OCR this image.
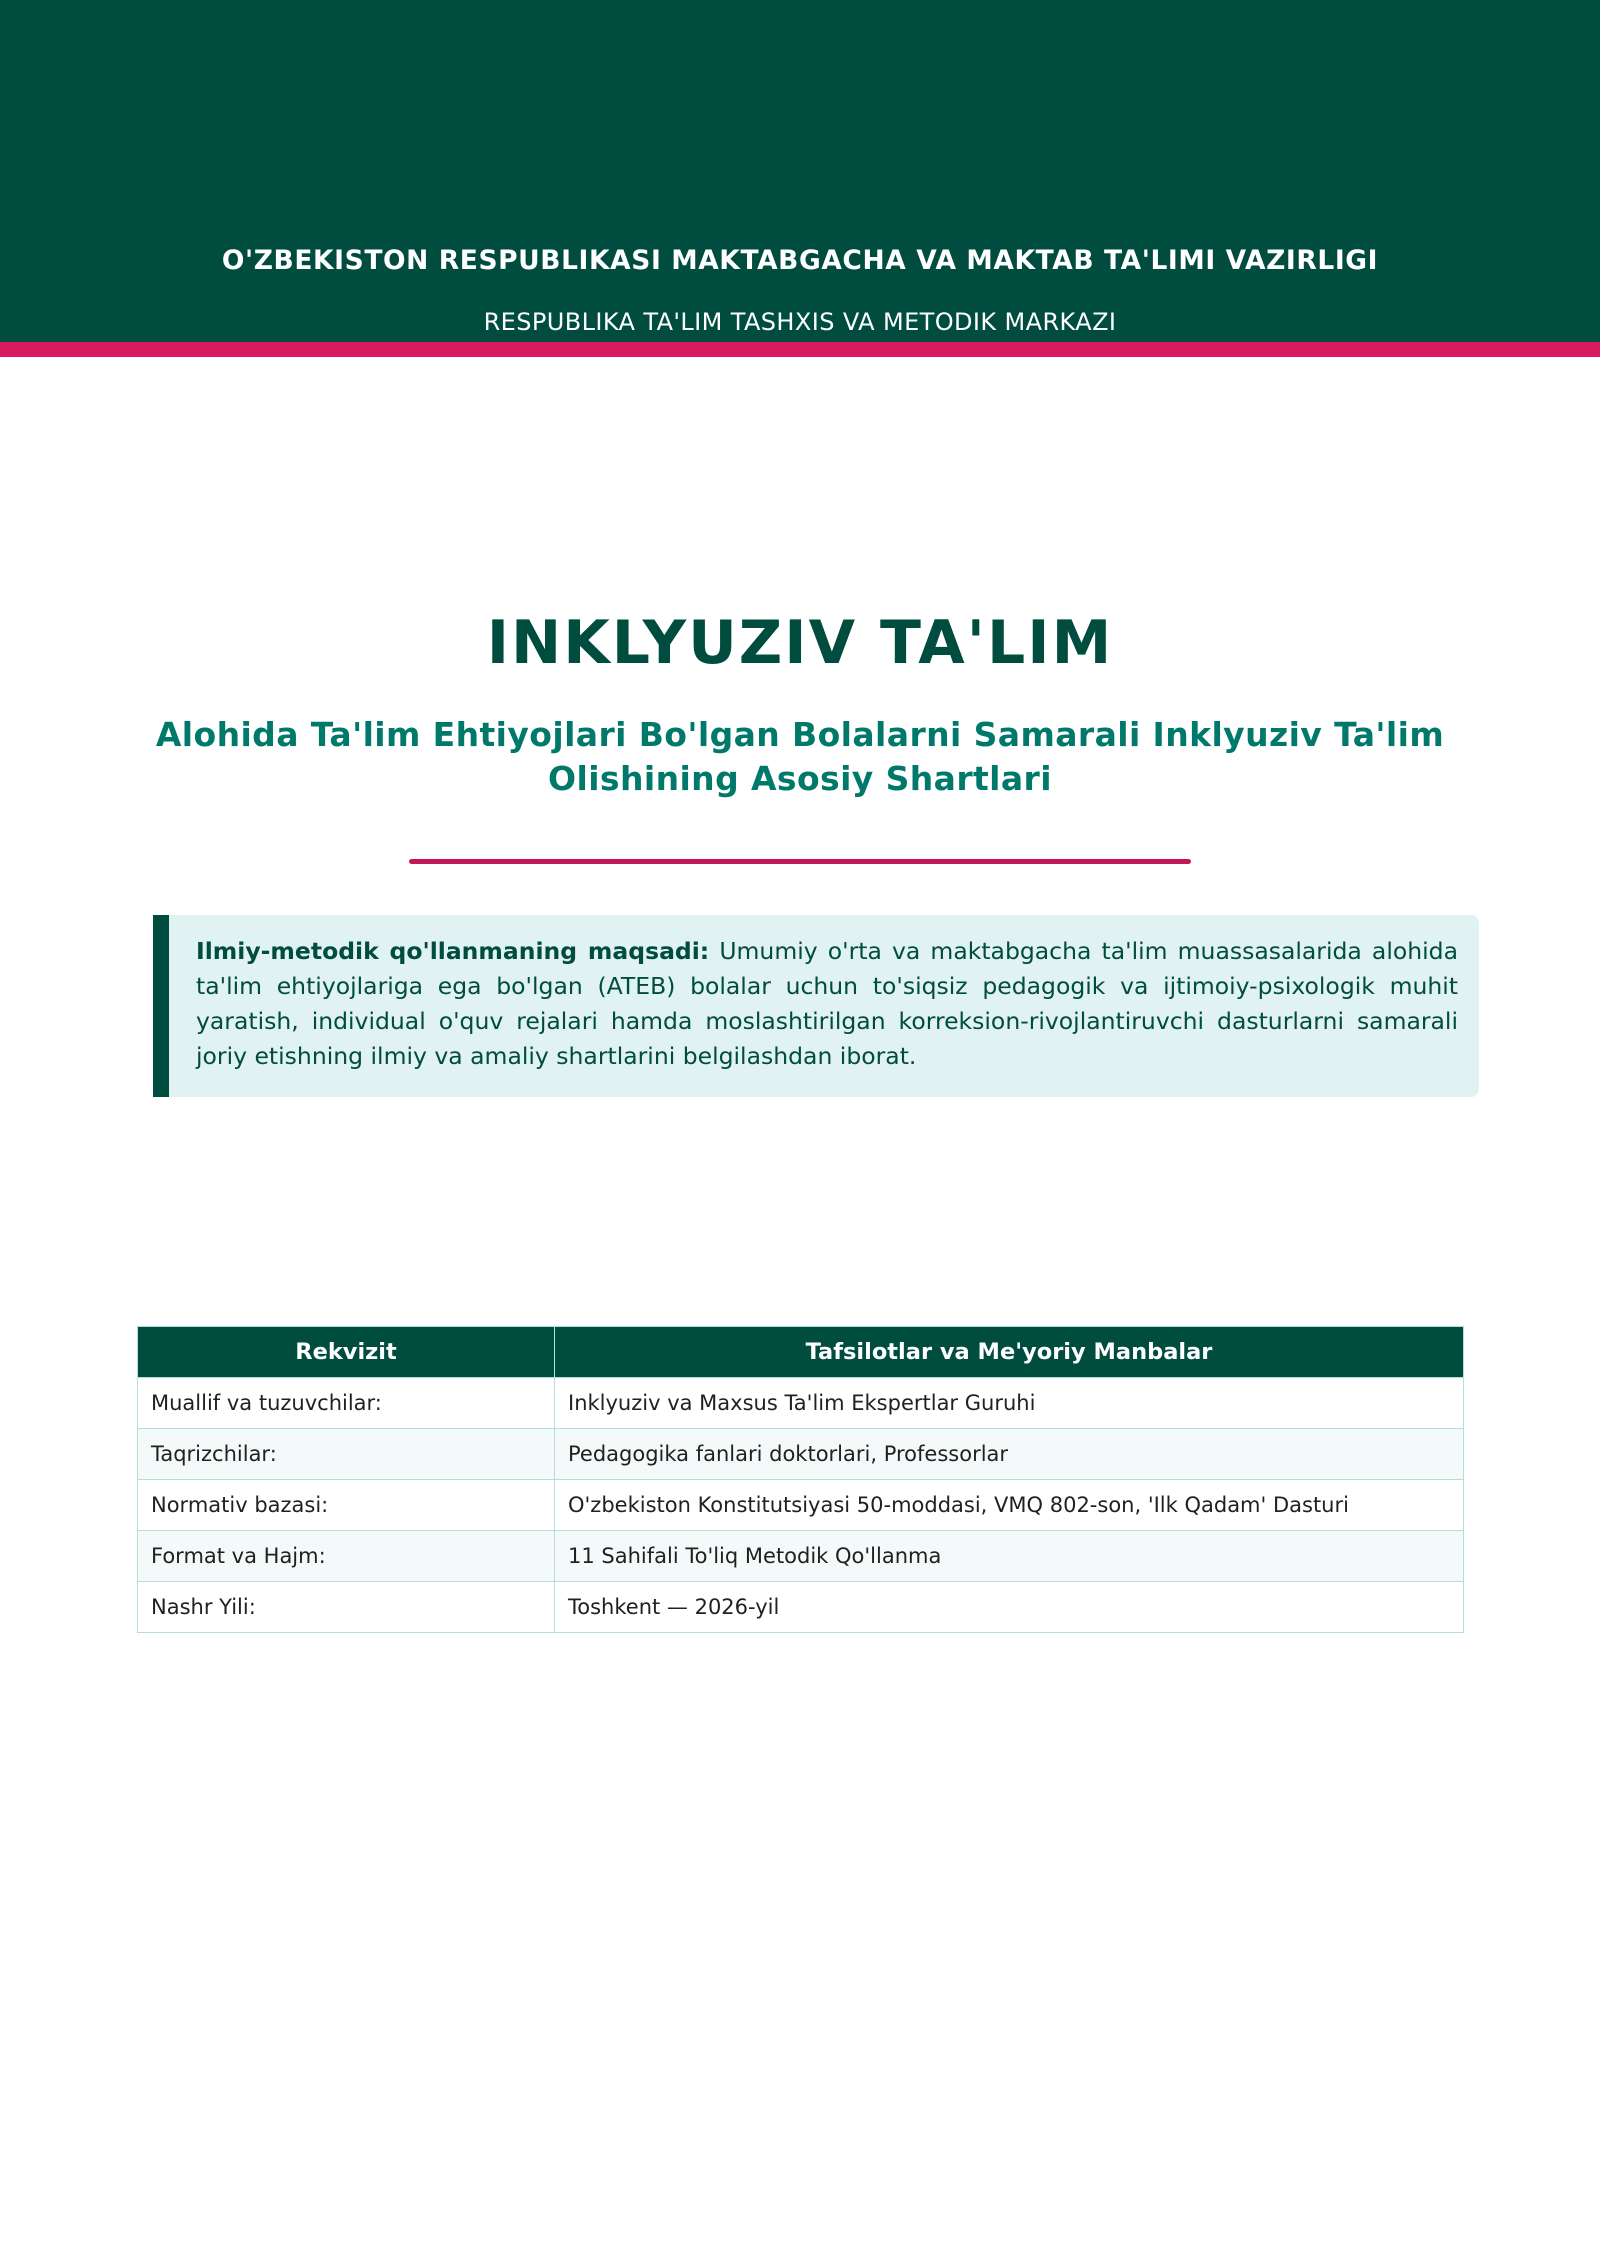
O'ZBEKISTON RESPUBLIKASI MAKTABGACHA VA MAKTAB TA'LIMI VAZIRLIGI
RESPUBLIKA TA'LIM TASHXIS VA METODIK MARKAZI
INKLYUZIV TA'LIM
Alohida Ta'lim Ehtiyojlari Bo'lgan Bolalarni Samarali Inklyuziv Ta'lim Olishining Asosiy Shartlari

Ilmiy-metodik qo'llanmaning maqsadi: Umumiy o'rta va maktabgacha ta'lim muassasalarida alohida ta'lim ehtiyojlariga ega bo'lgan (ATEB) bolalar uchun to'siqsiz pedagogik va ijtimoiy-psixologik muhit yaratish, individual o'quv rejalari hamda moslashtirilgan korreksion-rivojlantiruvchi dasturlarni samarali joriy etishning ilmiy va amaliy shartlarini belgilashdan iborat.

Rekvizit	Tafsilotlar va Me'yoriy Manbalar
Muallif va tuzuvchilar:	Inklyuziv va Maxsus Ta'lim Ekspertlar Guruhi
Taqrizchilar:	Pedagogika fanlari doktorlari, Professorlar
Normativ bazasi:	O'zbekiston Konstitutsiyasi 50-moddasi, VMQ 802-son, 'Ilk Qadam' Dasturi
Format va Hajm:	11 Sahifali To'liq Metodik Qo'llanma
Nashr Yili:	Toshkent — 2026-yil
